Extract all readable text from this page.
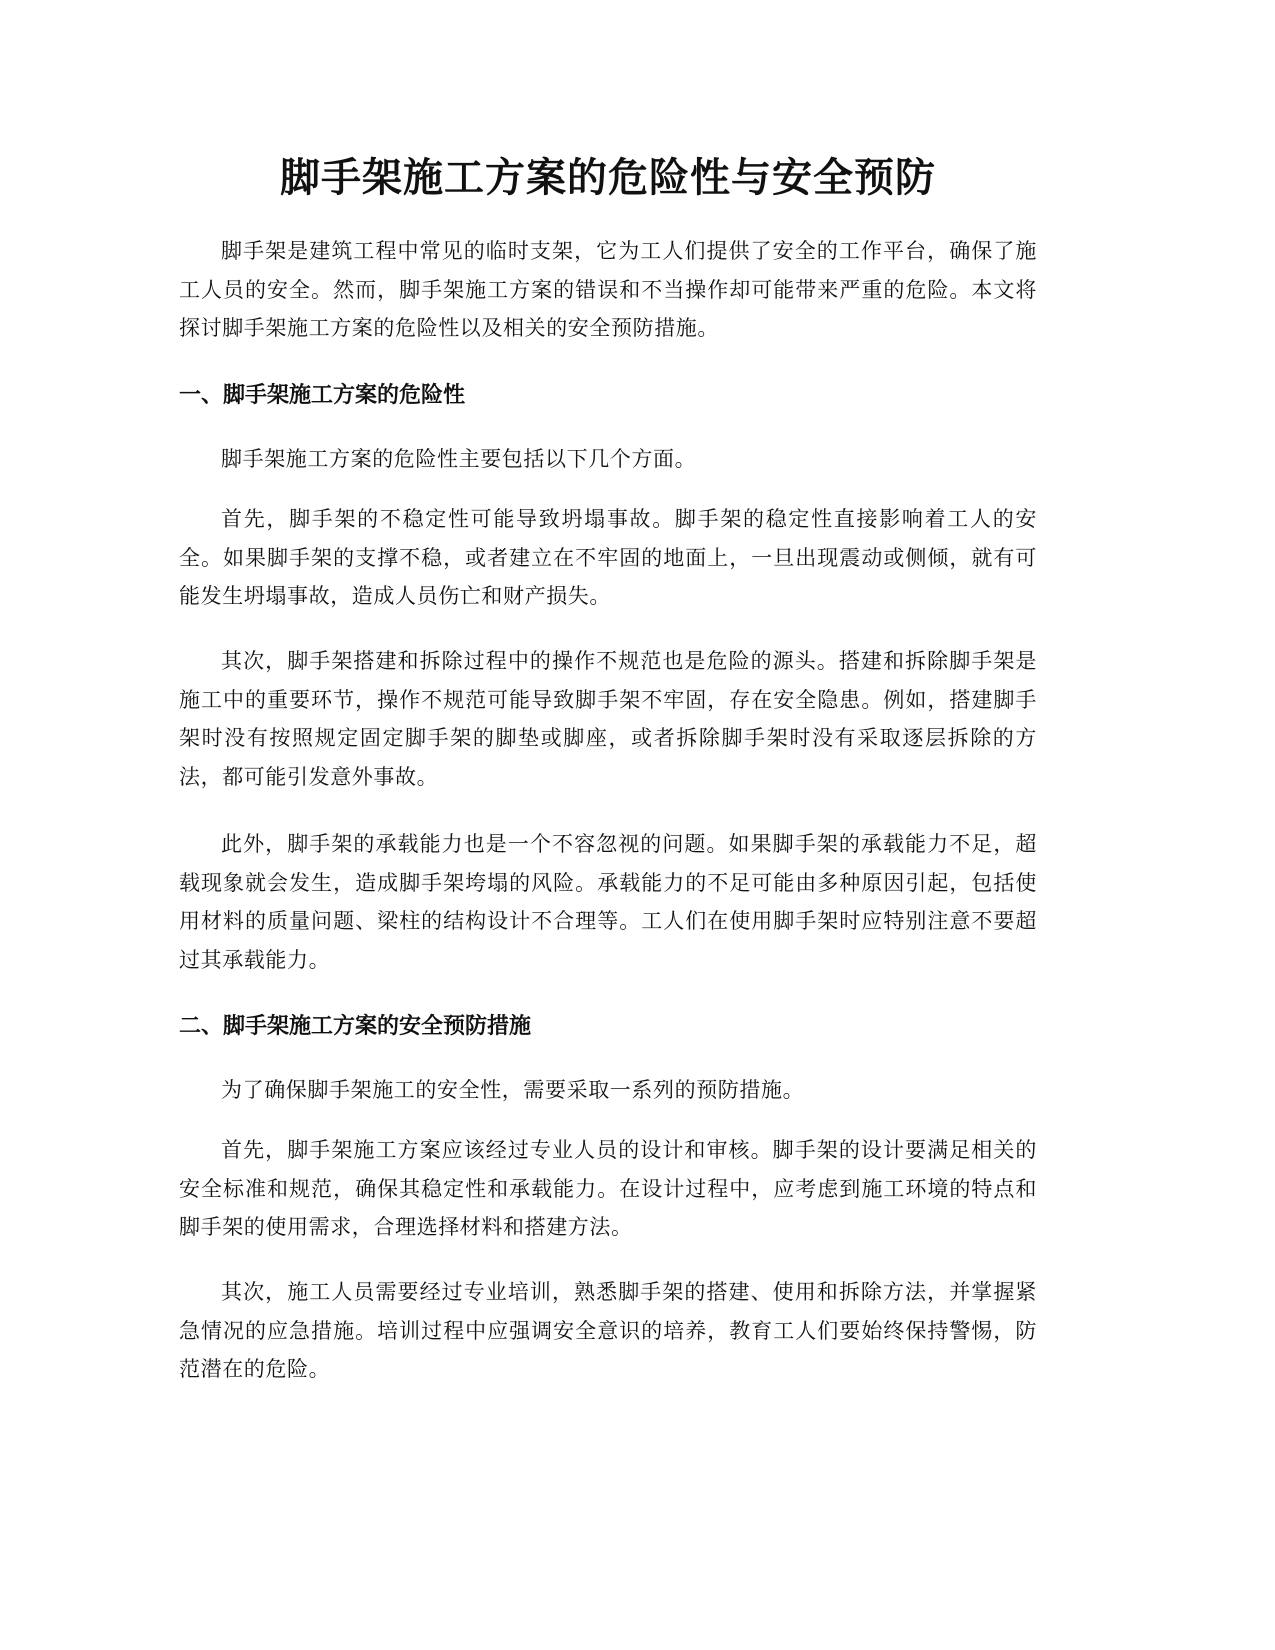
脚手架施工方案的危险性与安全预防

脚手架是建筑工程中常见的临时支架，它为工人们提供了安全的工作平台，确保了施工人员的安全。然而，脚手架施工方案的错误和不当操作却可能带来严重的危险。本文将探讨脚手架施工方案的危险性以及相关的安全预防措施。

一、脚手架施工方案的危险性

脚手架施工方案的危险性主要包括以下几个方面。

首先，脚手架的不稳定性可能导致坍塌事故。脚手架的稳定性直接影响着工人的安全。如果脚手架的支撑不稳，或者建立在不牢固的地面上，一旦出现震动或侧倾，就有可能发生坍塌事故，造成人员伤亡和财产损失。

其次，脚手架搭建和拆除过程中的操作不规范也是危险的源头。搭建和拆除脚手架是施工中的重要环节，操作不规范可能导致脚手架不牢固，存在安全隐患。例如，搭建脚手架时没有按照规定固定脚手架的脚垫或脚座，或者拆除脚手架时没有采取逐层拆除的方法，都可能引发意外事故。

此外，脚手架的承载能力也是一个不容忽视的问题。如果脚手架的承载能力不足，超载现象就会发生，造成脚手架垮塌的风险。承载能力的不足可能由多种原因引起，包括使用材料的质量问题、梁柱的结构设计不合理等。工人们在使用脚手架时应特别注意不要超过其承载能力。

二、脚手架施工方案的安全预防措施

为了确保脚手架施工的安全性，需要采取一系列的预防措施。

首先，脚手架施工方案应该经过专业人员的设计和审核。脚手架的设计要满足相关的安全标准和规范，确保其稳定性和承载能力。在设计过程中，应考虑到施工环境的特点和脚手架的使用需求，合理选择材料和搭建方法。

其次，施工人员需要经过专业培训，熟悉脚手架的搭建、使用和拆除方法，并掌握紧急情况的应急措施。培训过程中应强调安全意识的培养，教育工人们要始终保持警惕，防范潜在的危险。
